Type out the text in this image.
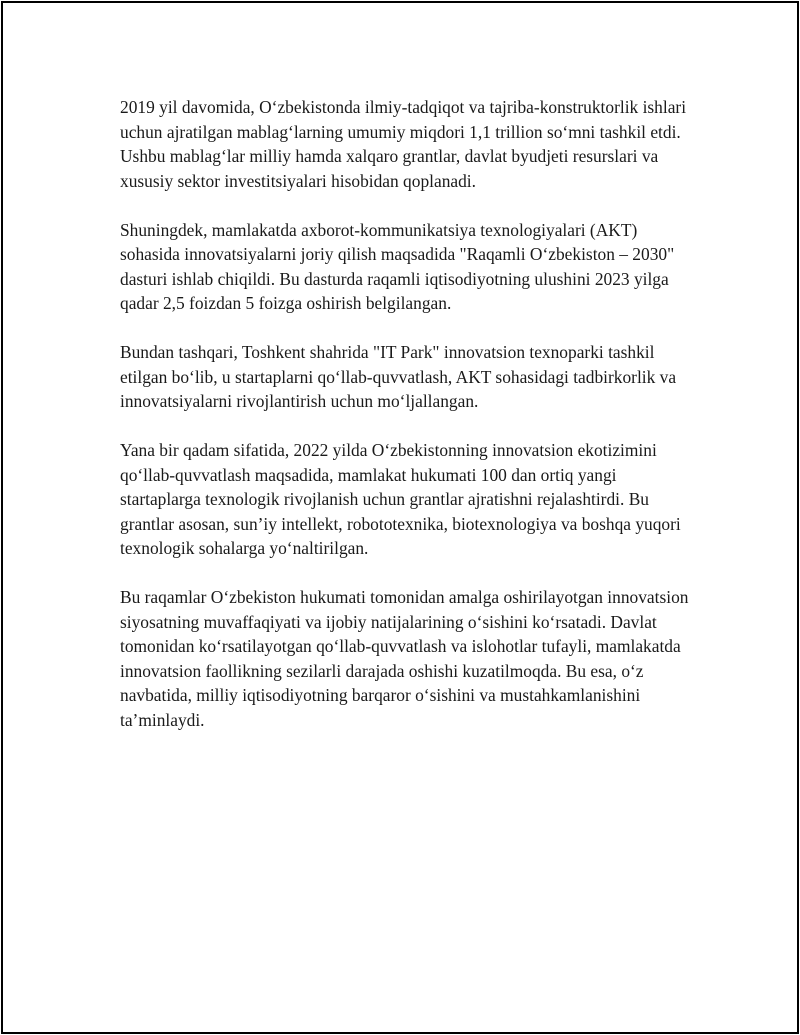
2019 yil davomida, O‘zbekistonda ilmiy-tadqiqot va tajriba-konstruktorlik ishlari uchun ajratilgan mablag‘larning umumiy miqdori 1,1 trillion so‘mni tashkil etdi. Ushbu mablag‘lar milliy hamda xalqaro grantlar, davlat byudjeti resurslari va xususiy sektor investitsiyalari hisobidan qoplanadi.

Shuningdek, mamlakatda axborot-kommunikatsiya texnologiyalari (AKT) sohasida innovatsiyalarni joriy qilish maqsadida "Raqamli O‘zbekiston – 2030" dasturi ishlab chiqildi. Bu dasturda raqamli iqtisodiyotning ulushini 2023 yilga qadar 2,5 foizdan 5 foizga oshirish belgilangan.

Bundan tashqari, Toshkent shahrida "IT Park" innovatsion texnoparki tashkil etilgan bo‘lib, u startaplarni qo‘llab-quvvatlash, AKT sohasidagi tadbirkorlik va innovatsiyalarni rivojlantirish uchun mo‘ljallangan.

Yana bir qadam sifatida, 2022 yilda O‘zbekistonning innovatsion ekotizimini qo‘llab-quvvatlash maqsadida, mamlakat hukumati 100 dan ortiq yangi startaplarga texnologik rivojlanish uchun grantlar ajratishni rejalashtirdi. Bu grantlar asosan, sun’iy intellekt, robototexnika, biotexnologiya va boshqa yuqori texnologik sohalarga yo‘naltirilgan.

Bu raqamlar O‘zbekiston hukumati tomonidan amalga oshirilayotgan innovatsion siyosatning muvaffaqiyati va ijobiy natijalarining o‘sishini ko‘rsatadi. Davlat tomonidan ko‘rsatilayotgan qo‘llab-quvvatlash va islohotlar tufayli, mamlakatda innovatsion faollikning sezilarli darajada oshishi kuzatilmoqda. Bu esa, o‘z navbatida, milliy iqtisodiyotning barqaror o‘sishini va mustahkamlanishini ta’minlaydi.
